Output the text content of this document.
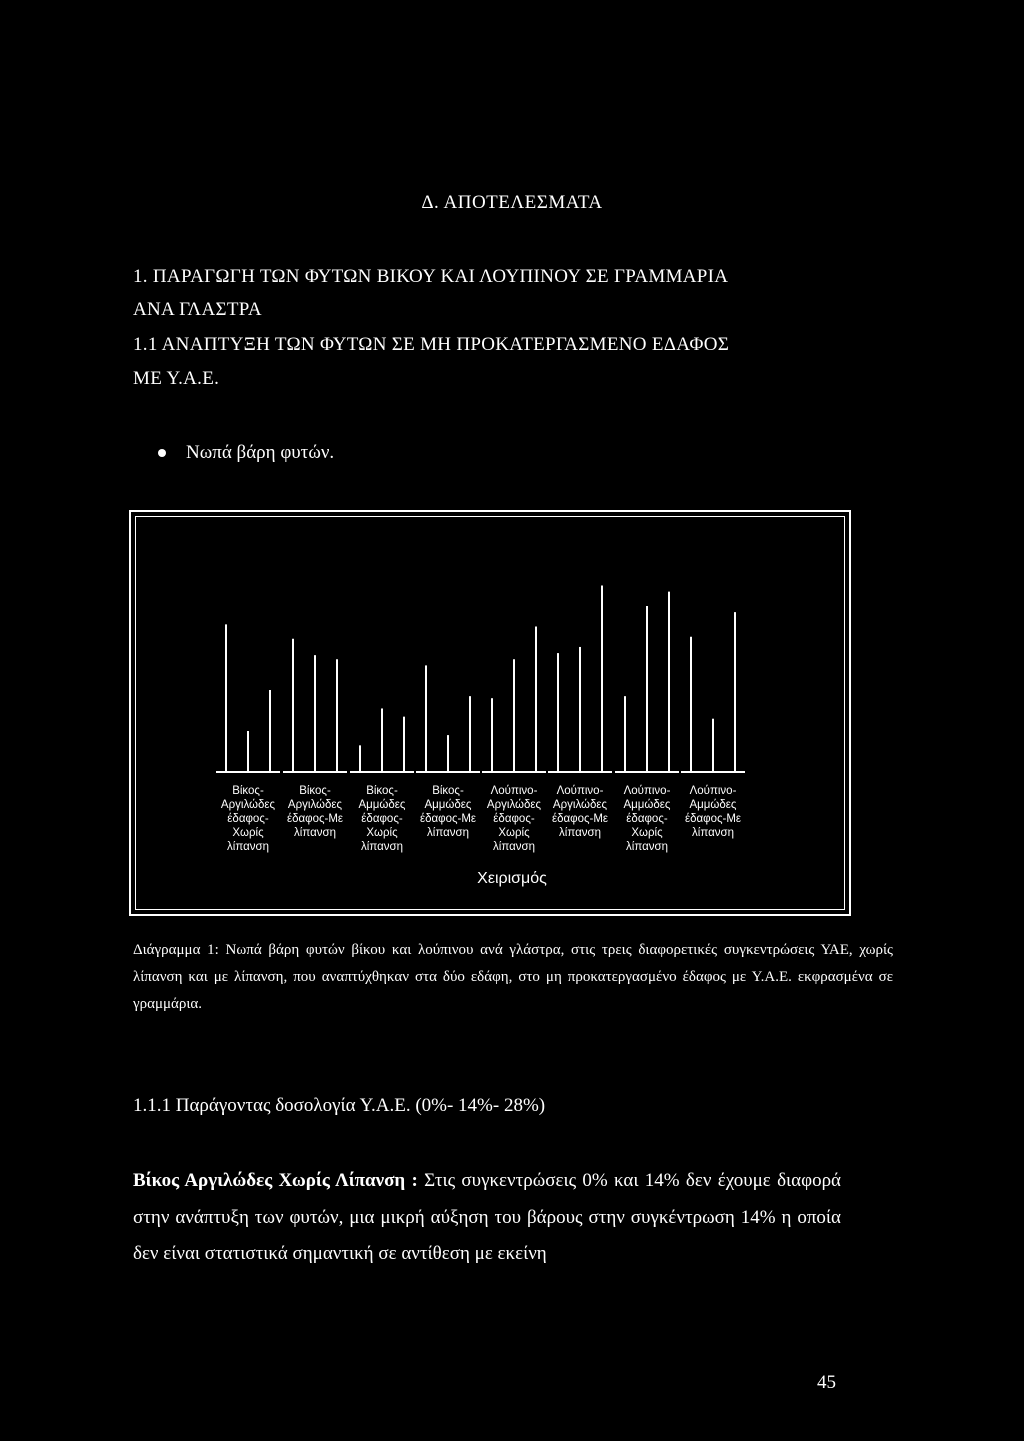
Δ. ΑΠΟΤΕΛΕΣΜΑΤΑ
1. ΠΑΡΑΓΩΓΗ ΤΩΝ ΦΥΤΩΝ ΒΙΚΟΥ ΚΑΙ ΛΟΥΠΙΝΟΥ ΣΕ ΓΡΑΜΜΑΡΙΑ
ΑΝΑ ΓΛΑΣΤΡΑ
1.1 ΑΝΑΠΤΥΞΗ ΤΩΝ ΦΥΤΩΝ ΣΕ ΜΗ ΠΡΟΚΑΤΕΡΓΑΣΜΕΝΟ ΕΔΑΦΟΣ
ΜΕ Υ.Α.Ε.
Νωπά βάρη φυτών.
Βίκος-
Αργιλώδες
έδαφος-
Χωρίς
λίπανση
Βίκος-
Αργιλώδες
έδαφος-Με
λίπανση
Βίκος-
Αμμώδες
έδαφος-
Χωρίς
λίπανση
Βίκος-
Αμμώδες
έδαφος-Με
λίπανση
Λούπινο-
Αργιλώδες
έδαφος-
Χωρίς
λίπανση
Λούπινο-
Αργιλώδες
έδαφος-Με
λίπανση
Λούπινο-
Αμμώδες
έδαφος-
Χωρίς
λίπανση
Λούπινο-
Αμμώδες
έδαφος-Με
λίπανση
Χειρισμός
Διάγραμμα 1: Νωπά βάρη φυτών βίκου και λούπινου ανά γλάστρα, στις τρεις διαφορετικές συγκεντρώσεις ΥΑΕ, χωρίς λίπανση και με λίπανση, που αναπτύχθηκαν στα δύο εδάφη, στο μη προκατεργασμένο έδαφος με Υ.Α.Ε. εκφρασμένα σε γραμμάρια.
1.1.1 Παράγοντας δοσολογία Υ.Α.Ε. (0%- 14%- 28%)
Βίκος Αργιλώδες Χωρίς Λίπανση : Στις συγκεντρώσεις 0% και 14% δεν έχουμε διαφορά στην ανάπτυξη των φυτών, μια μικρή αύξηση του βάρους στην συγκέντρωση 14% η οποία δεν είναι στατιστικά σημαντική σε αντίθεση με εκείνη
45
